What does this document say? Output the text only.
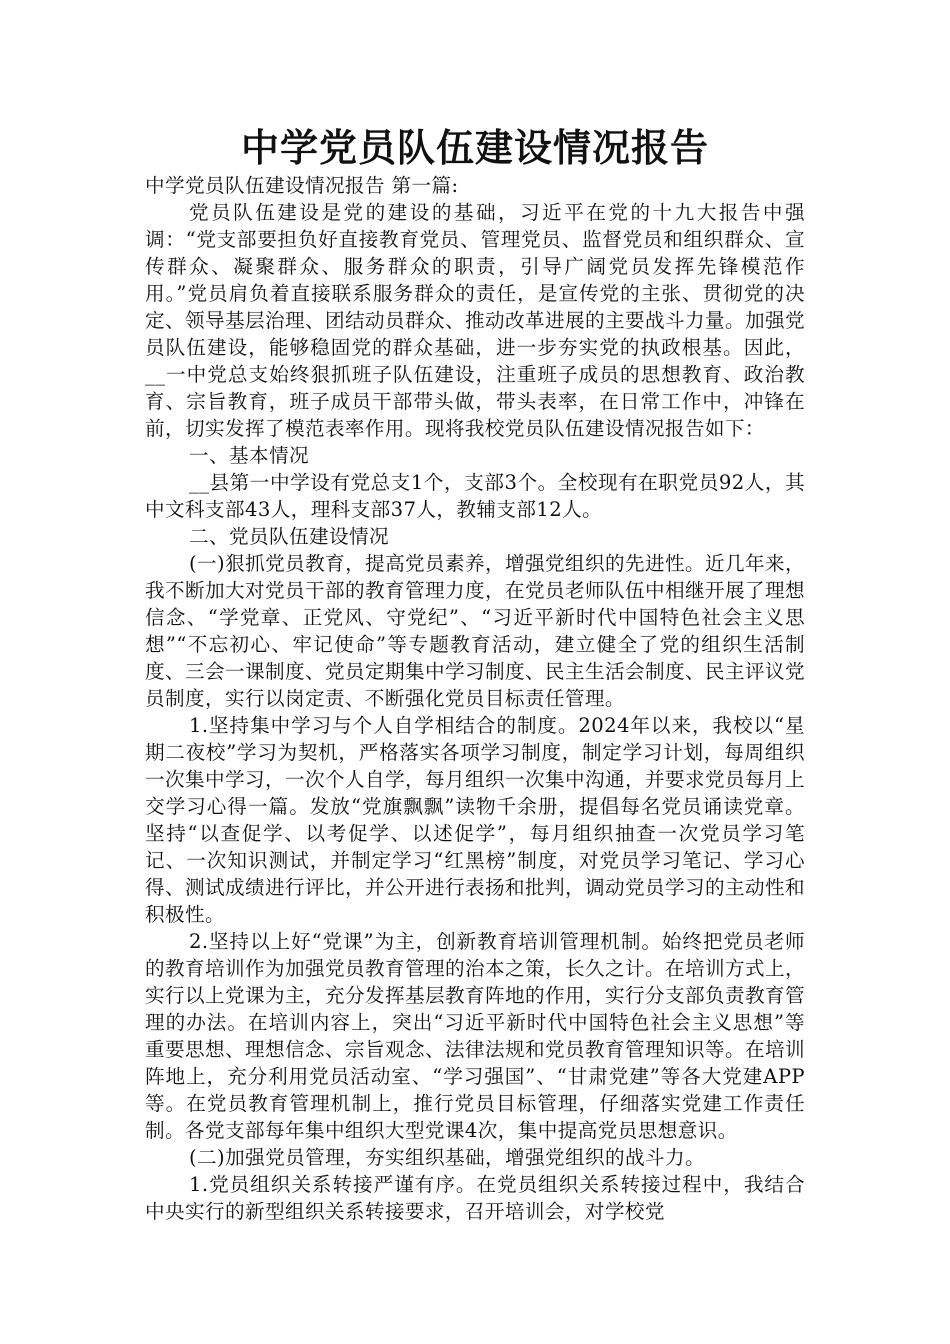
中学党员队伍建设情况报告

中学党员队伍建设情况报告 第一篇:

党员队伍建设是党的建设的基础，习近平在党的十九大报告中强调：“党支部要担负好直接教育党员、管理党员、监督党员和组织群众、宣传群众、凝聚群众、服务群众的职责，引导广阔党员发挥先锋模范作用。”党员肩负着直接联系服务群众的责任，是宣传党的主张、贯彻党的决定、领导基层治理、团结动员群众、推动改革进展的主要战斗力量。加强党员队伍建设，能够稳固党的群众基础，进一步夯实党的执政根基。因此，__一中党总支始终狠抓班子队伍建设，注重班子成员的思想教育、政治教育、宗旨教育，班子成员干部带头做，带头表率，在日常工作中，冲锋在前，切实发挥了模范表率作用。现将我校党员队伍建设情况报告如下：

一、基本情况

__县第一中学设有党总支1个，支部3个。全校现有在职党员92人，其中文科支部43人，理科支部37人，教辅支部12人。

二、党员队伍建设情况

(一)狠抓党员教育，提高党员素养，增强党组织的先进性。近几年来，我不断加大对党员干部的教育管理力度，在党员老师队伍中相继开展了理想信念、“学党章、正党风、守党纪”、“习近平新时代中国特色社会主义思想”“不忘初心、牢记使命”等专题教育活动，建立健全了党的组织生活制度、三会一课制度、党员定期集中学习制度、民主生活会制度、民主评议党员制度，实行以岗定责、不断强化党员目标责任管理。

1.坚持集中学习与个人自学相结合的制度。2024年以来，我校以“星期二夜校”学习为契机，严格落实各项学习制度，制定学习计划，每周组织一次集中学习，一次个人自学，每月组织一次集中沟通，并要求党员每月上交学习心得一篇。发放“党旗飘飘”读物千余册，提倡每名党员诵读党章。坚持“以查促学、以考促学、以述促学”，每月组织抽查一次党员学习笔记、一次知识测试，并制定学习“红黑榜”制度，对党员学习笔记、学习心得、测试成绩进行评比，并公开进行表扬和批判，调动党员学习的主动性和积极性。

2.坚持以上好“党课”为主，创新教育培训管理机制。始终把党员老师的教育培训作为加强党员教育管理的治本之策，长久之计。在培训方式上，实行以上党课为主，充分发挥基层教育阵地的作用，实行分支部负责教育管理的办法。在培训内容上，突出“习近平新时代中国特色社会主义思想”等重要思想、理想信念、宗旨观念、法律法规和党员教育管理知识等。在培训阵地上，充分利用党员活动室、“学习强国”、“甘肃党建”等各大党建APP等。在党员教育管理机制上，推行党员目标管理，仔细落实党建工作责任制。各党支部每年集中组织大型党课4次，集中提高党员思想意识。

(二)加强党员管理，夯实组织基础，增强党组织的战斗力。

1.党员组织关系转接严谨有序。在党员组织关系转接过程中，我结合中央实行的新型组织关系转接要求，召开培训会，对学校党
